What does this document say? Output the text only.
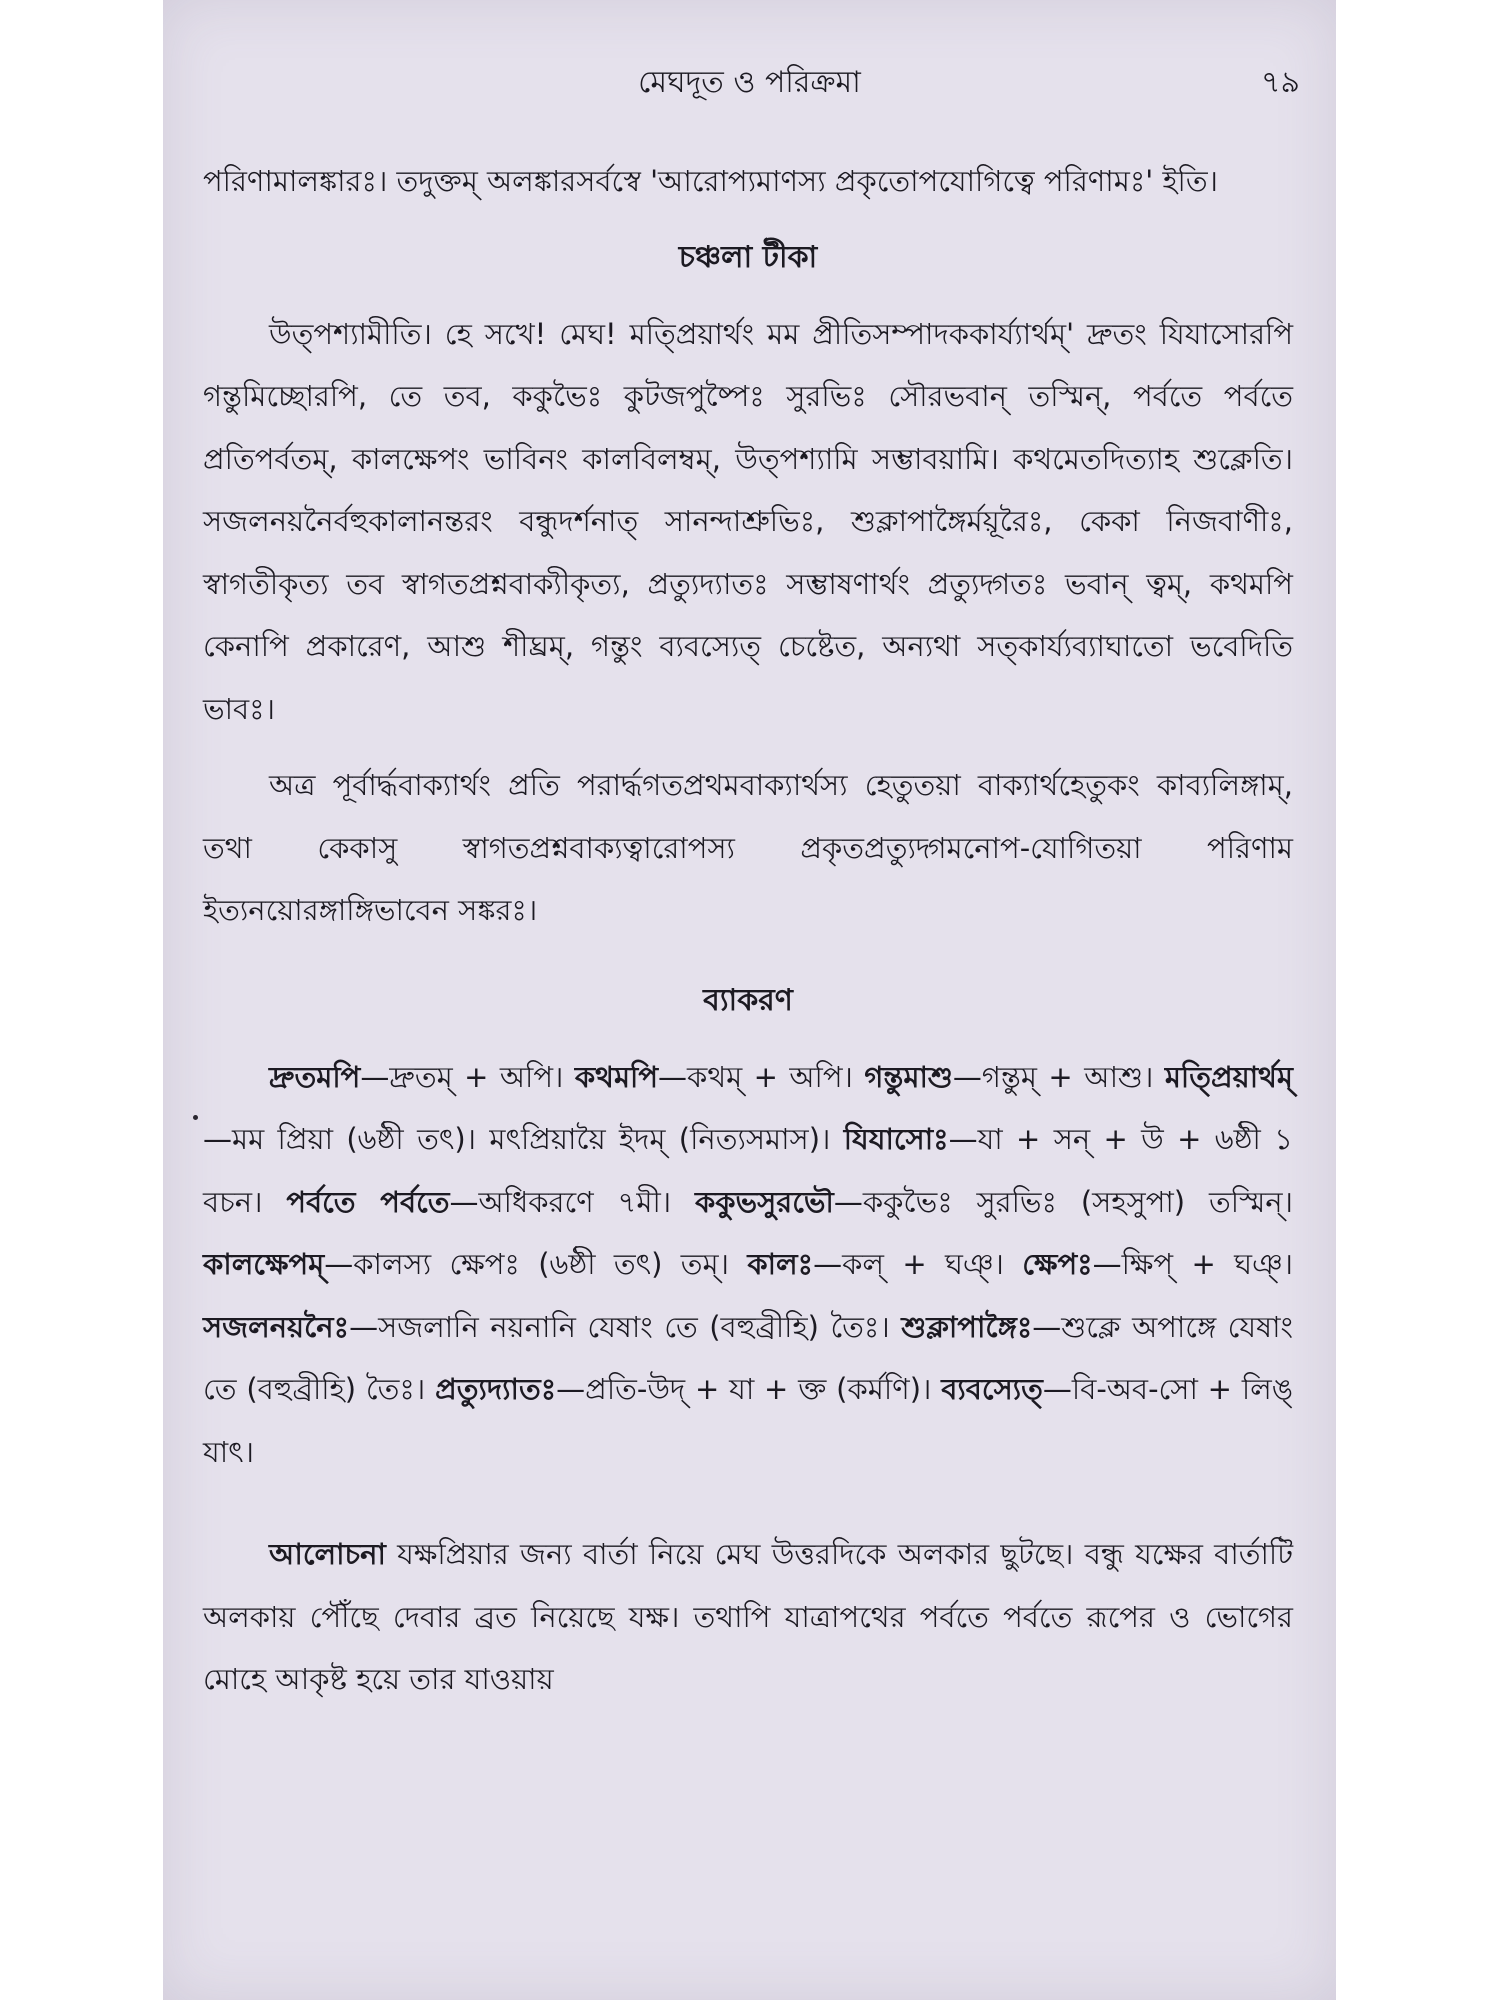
মেঘদূত ও পরিক্রমা	৭৯

পরিণামালঙ্কারঃ। তদুক্তম্ অলঙ্কারসর্বস্বে 'আরোপ্যমাণস্য প্রকৃতোপযোগিত্বে পরিণামঃ' ইতি।

চঞ্চলা টীকা

উত্পশ্যামীতি। হে সখে! মেঘ! মত্প্রিয়ার্থং মম প্রীতিসম্পাদককার্য্যার্থম্' দ্রুতং যিযাসোরপি গন্তুমিচ্ছোরপি, তে তব, ককুভৈঃ কুটজপুষ্পৈঃ সুরভিঃ সৌরভবান্ তস্মিন্, পর্বতে পর্বতে প্রতিপর্বতম্, কালক্ষেপং ভাবিনং কালবিলম্বম্, উত্পশ্যামি সম্ভাবয়ামি। কথমেতদিত্যাহ শুক্লেতি। সজলনয়নৈর্বহুকালানন্তরং বন্ধুদর্শনাত্ সানন্দাশ্রুভিঃ, শুক্লাপাঙ্গৈর্ময়ূরৈঃ, কেকা নিজবাণীঃ, স্বাগতীকৃত্য তব স্বাগতপ্রশ্নবাক্যীকৃত্য, প্রত্যুদ্যাতঃ সম্ভাষণার্থং প্রত্যুদ্গতঃ ভবান্ ত্বম্, কথমপি কেনাপি প্রকারেণ, আশু শীঘ্রম্, গন্তুং ব্যবস্যেত্ চেষ্টেত, অন্যথা সত্কার্য্যব্যাঘাতো ভবেদিতি ভাবঃ।

অত্র পূর্বার্দ্ধবাক্যার্থং প্রতি পরার্দ্ধগতপ্রথমবাক্যার্থস্য হেতুতয়া বাক্যার্থহেতুকং কাব্যলিঙ্গাম্, তথা কেকাসু স্বাগতপ্রশ্নবাক্যত্বারোপস্য প্রকৃতপ্রত্যুদ্গমনোপ-যোগিতয়া পরিণাম ইত্যনয়োরঙ্গাঙ্গিভাবেন সঙ্করঃ।

ব্যাকরণ

দ্রুতমপি—দ্রুতম্ + অপি। কথমপি—কথম্ + অপি। গন্তুমাশু—গন্তুম্ + আশু। মত্প্রিয়ার্থম্—মম প্রিয়া (৬ষ্ঠী তৎ)। মৎপ্রিয়ায়ৈ ইদম্ (নিত্যসমাস)। যিযাসোঃ—যা + সন্ + উ + ৬ষ্ঠী ১ বচন। পর্বতে পর্বতে—অধিকরণে ৭মী। ককুভসুরভৌ—ককুভৈঃ সুরভিঃ (সহসুপা) তস্মিন্। কালক্ষেপম্—কালস্য ক্ষেপঃ (৬ষ্ঠী তৎ) তম্। কালঃ—কল্ + ঘঞ্। ক্ষেপঃ—ক্ষিপ্ + ঘঞ্। সজলনয়নৈঃ—সজলানি নয়নানি যেষাং তে (বহুব্রীহি) তৈঃ। শুক্লাপাঙ্গৈঃ—শুক্লে অপাঙ্গে যেষাং তে (বহুব্রীহি) তৈঃ। প্রত্যুদ্যাতঃ—প্রতি-উদ্ + যা + ক্ত (কর্মণি)। ব্যবস্যেত্—বি-অব-সো + লিঙ্ যাৎ।

আলোচনা যক্ষপ্রিয়ার জন্য বার্তা নিয়ে মেঘ উত্তরদিকে অলকার ছুটছে। বন্ধু যক্ষের বার্তাটি অলকায় পৌঁছে দেবার ব্রত নিয়েছে যক্ষ। তথাপি যাত্রাপথের পর্বতে পর্বতে রূপের ও ভোগের মোহে আকৃষ্ট হয়ে তার যাওয়ায়
